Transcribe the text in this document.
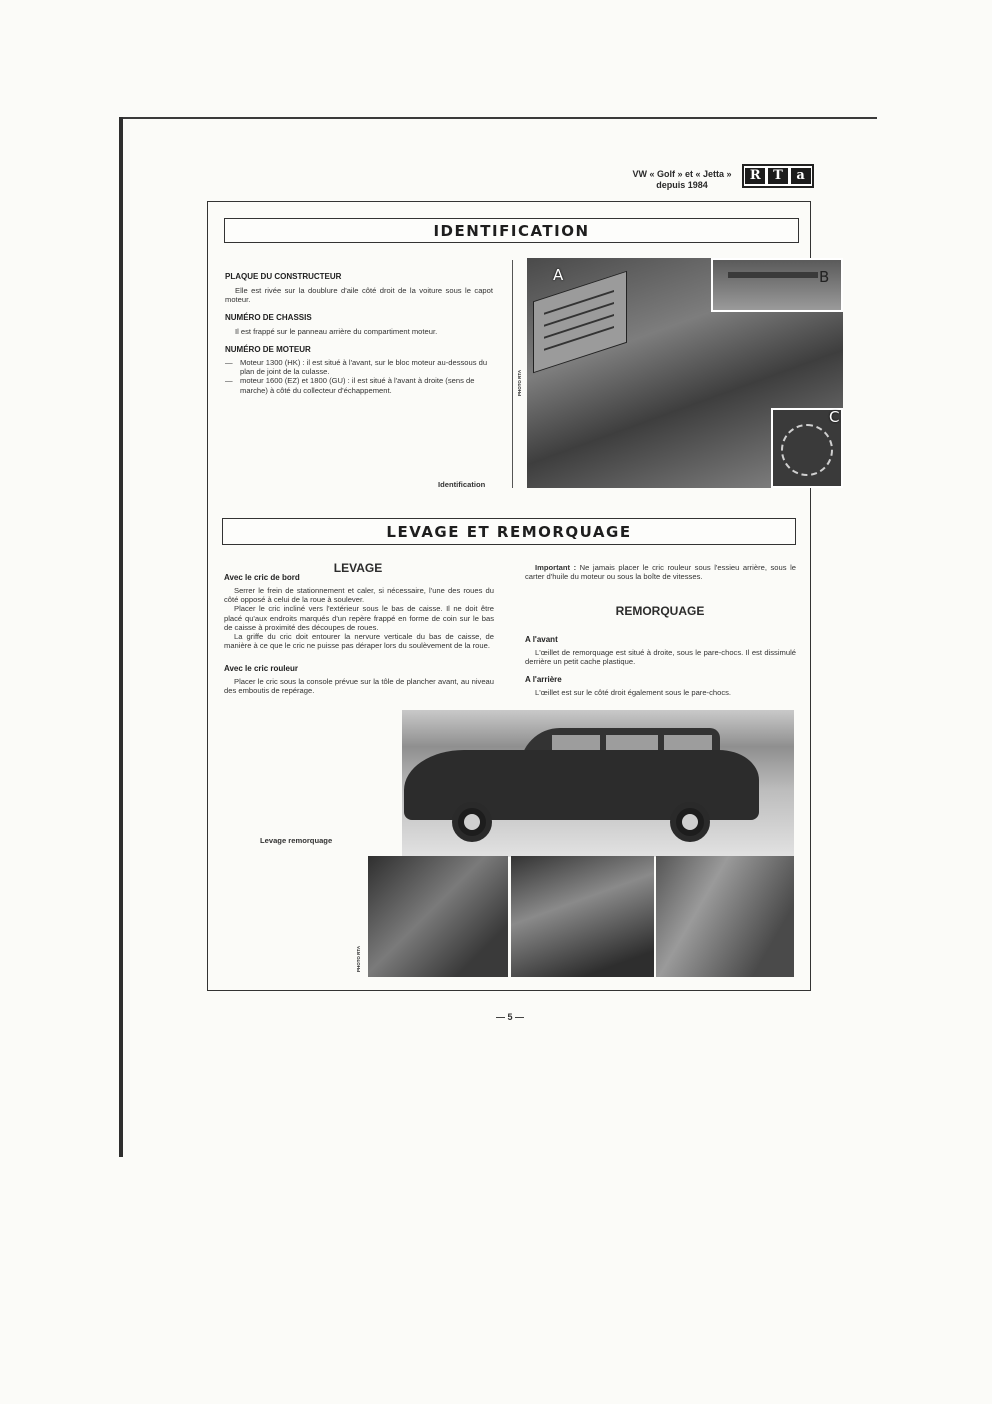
VW « Golf » et « Jetta »
depuis 1984
R T	a
IDENTIFICATION
PLAQUE DU CONSTRUCTEUR

Elle est rivée sur la doublure d'aile côté droit de la voiture sous le capot moteur.

NUMÉRO DE CHASSIS

Il est frappé sur le panneau arrière du compartiment moteur.

NUMÉRO DE MOTEUR
— Moteur 1300 (HK) : il est situé à l'avant, sur le bloc moteur au-dessous du plan de joint de la culasse.
— moteur 1600 (EZ) et 1800 (GU) : il est situé à l'avant à droite (sens de marche) à côté du collecteur d'échappement.
Identification
PHOTO RTA
A	B
C
LEVAGE ET REMORQUAGE
LEVAGE
Avec le cric de bord

Serrer le frein de stationnement et caler, si nécessaire, l'une des roues du côté opposé à celui de la roue à soulever.

Placer le cric incliné vers l'extérieur sous le bas de caisse. Il ne doit être placé qu'aux endroits marqués d'un repère frappé en forme de coin sur le bas de caisse à proximité des découpes de roues.

La griffe du cric doit entourer la nervure verticale du bas de caisse, de manière à ce que le cric ne puisse pas déraper lors du soulèvement de la roue.

Avec le cric rouleur

Placer le cric sous la console prévue sur la tôle de plancher avant, au niveau des emboutis de repérage.

Important : Ne jamais placer le cric rouleur sous l'essieu arrière, sous le carter d'huile du moteur ou sous la boîte de vitesses.

REMORQUAGE
A l'avant

L'œillet de remorquage est situé à droite, sous le pare-chocs. Il est dissimulé derrière un petit cache plastique.

A l'arrière

L'œillet est sur le côté droit également sous le pare-chocs.

Levage remorquage
PHOTO RTA
— 5 —
